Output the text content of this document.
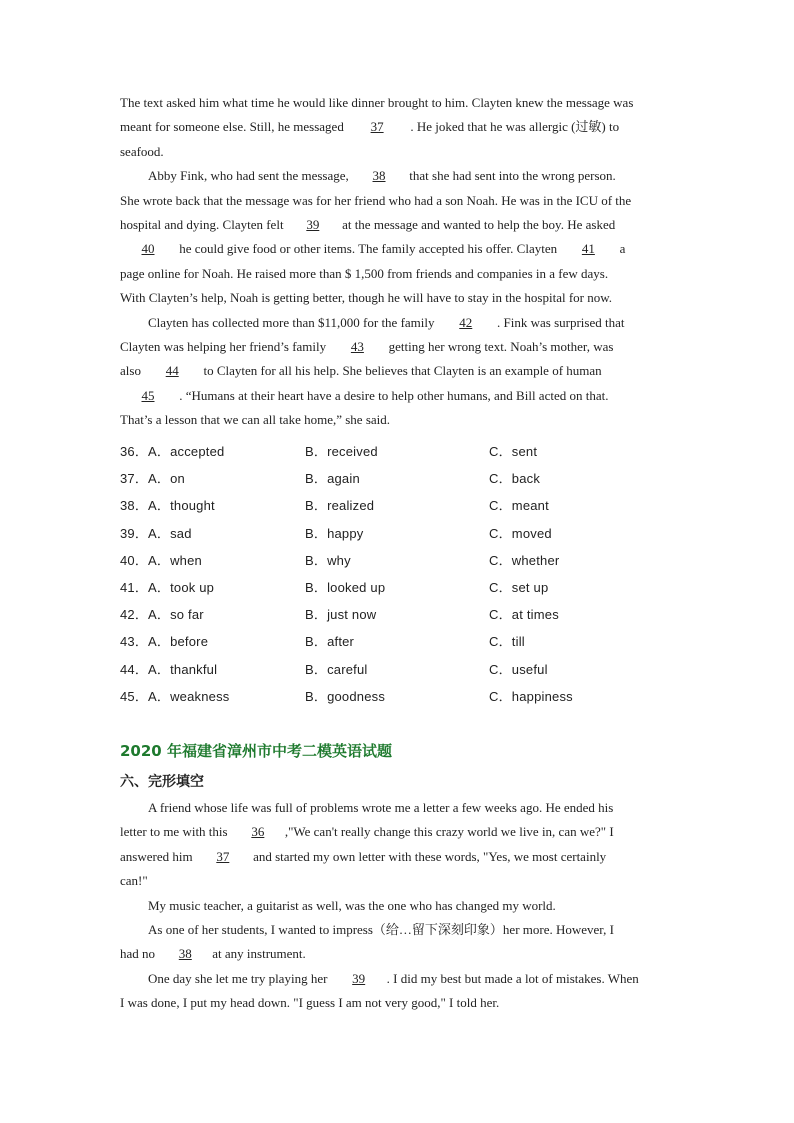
The text asked him what time he would like dinner brought to him. Clayten knew the message was
meant for someone else. Still, he messaged 37 . He joked that he was allergic (过敏) to
seafood.
Abby Fink, who had sent the message, 38 that she had sent into the wrong person.
She wrote back that the message was for her friend who had a son Noah. He was in the ICU of the
hospital and dying. Clayten felt 39 at the message and wanted to help the boy. He asked
40 he could give food or other items. The family accepted his offer. Clayten 41 a
page online for Noah. He raised more than $ 1,500 from friends and companies in a few days.
With Clayten’s help, Noah is getting better, though he will have to stay in the hospital for now.
Clayten has collected more than $11,000 for the family 42 . Fink was surprised that
Clayten was helping her friend’s family 43 getting her wrong text. Noah’s mother, was
also 44 to Clayten for all his help. She believes that Clayten is an example of human
45 . “Humans at their heart have a desire to help other humans, and Bill acted on that.
That’s a lesson that we can all take home,” she said.
36． A．accepted	B．received	C．sent
37． A．on	B．again	C．back
38． A．thought	B．realized	C．meant
39． A．sad	B．happy	C．moved
40． A．when	B．why	C．whether
41． A．took up	B．looked up	C．set up
42． A．so far	B．just now	C．at times
43． A．before	B．after	C．till
44． A．thankful	B．careful	C．useful
45． A．weakness	B．goodness	C．happiness
2020 年福建省漳州市中考二模英语试题
六、完形填空
A friend whose life was full of problems wrote me a letter a few weeks ago. He ended his
letter to me with this 36 ,"We can't really change this crazy world we live in, can we?" I
answered him 37 and started my own letter with these words, "Yes, we most certainly
can!"
My music teacher, a guitarist as well, was the one who has changed my world.
As one of her students, I wanted to impress（给…留下深刻印象）her more. However, I
had no 38 at any instrument.
One day she let me try playing her 39 . I did my best but made a lot of mistakes. When
I was done, I put my head down. "I guess I am not very good," I told her.
